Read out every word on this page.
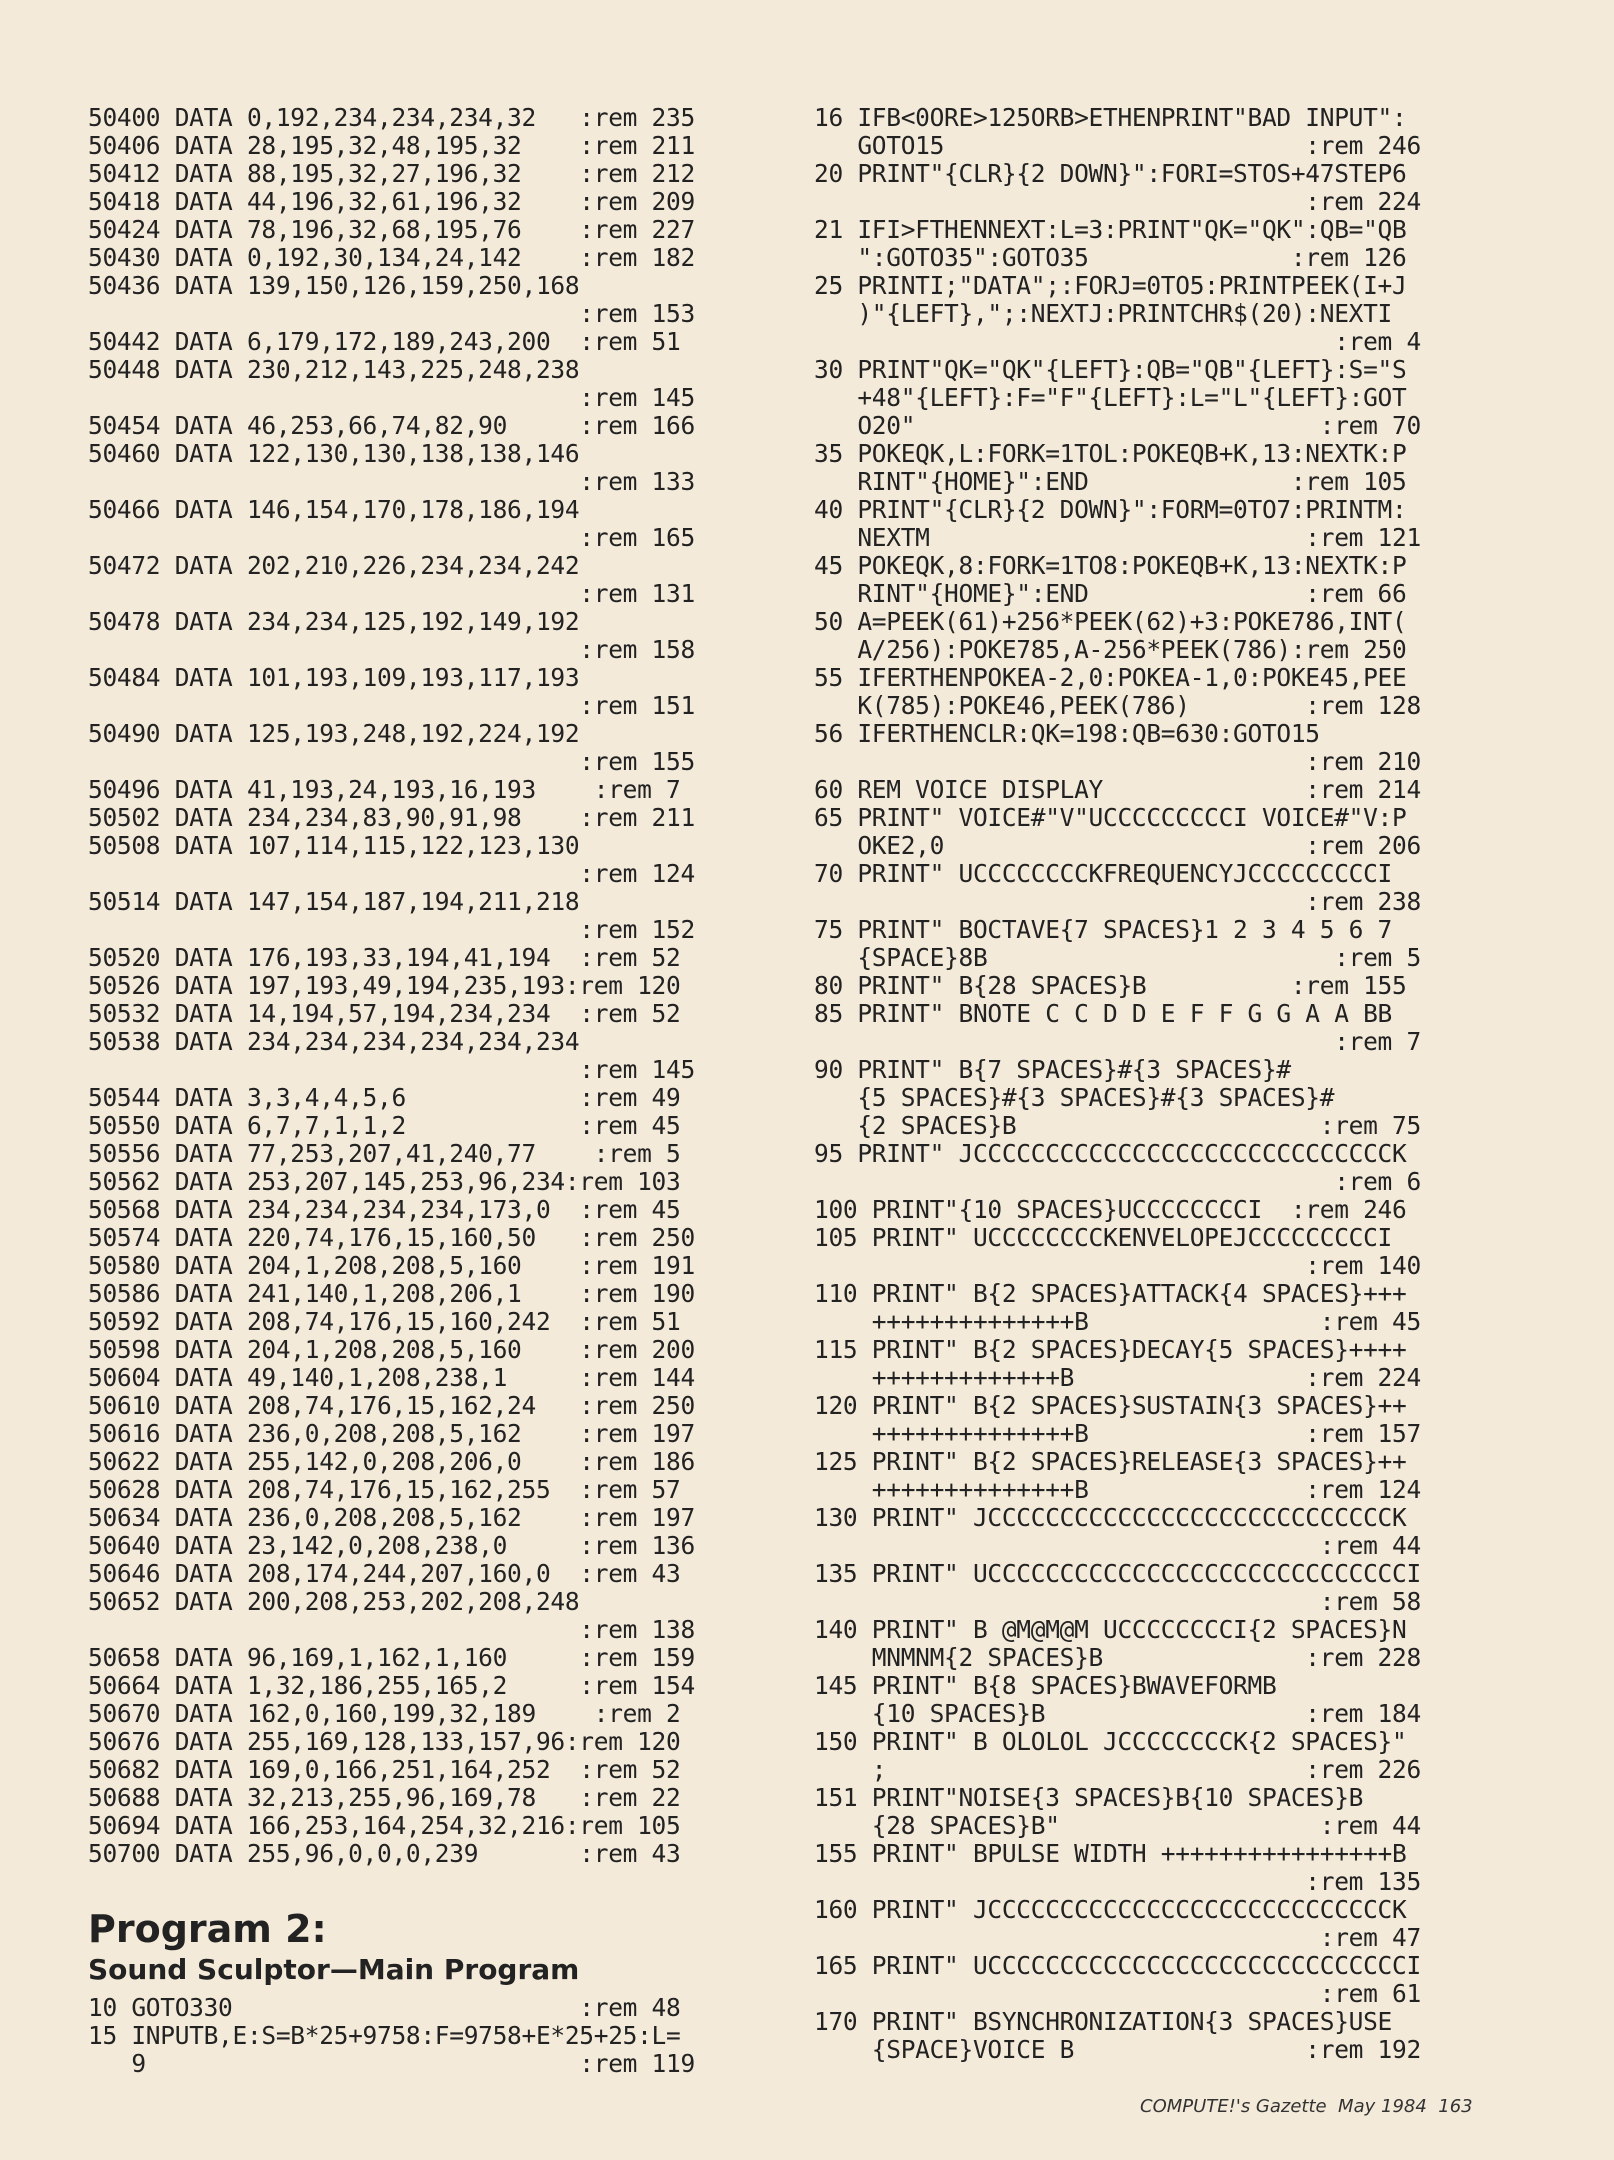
50400 DATA 0,192,234,234,234,32   :rem 235
50406 DATA 28,195,32,48,195,32    :rem 211
50412 DATA 88,195,32,27,196,32    :rem 212
50418 DATA 44,196,32,61,196,32    :rem 209
50424 DATA 78,196,32,68,195,76    :rem 227
50430 DATA 0,192,30,134,24,142    :rem 182
50436 DATA 139,150,126,159,250,168
:rem 153
50442 DATA 6,179,172,189,243,200  :rem 51
50448 DATA 230,212,143,225,248,238
:rem 145
50454 DATA 46,253,66,74,82,90     :rem 166
50460 DATA 122,130,130,138,138,146
:rem 133
50466 DATA 146,154,170,178,186,194
:rem 165
50472 DATA 202,210,226,234,234,242
:rem 131
50478 DATA 234,234,125,192,149,192
:rem 158
50484 DATA 101,193,109,193,117,193
:rem 151
50490 DATA 125,193,248,192,224,192
:rem 155
50496 DATA 41,193,24,193,16,193    :rem 7
50502 DATA 234,234,83,90,91,98    :rem 211
50508 DATA 107,114,115,122,123,130
:rem 124
50514 DATA 147,154,187,194,211,218
:rem 152
50520 DATA 176,193,33,194,41,194  :rem 52
50526 DATA 197,193,49,194,235,193:rem 120
50532 DATA 14,194,57,194,234,234  :rem 52
50538 DATA 234,234,234,234,234,234
:rem 145
50544 DATA 3,3,4,4,5,6            :rem 49
50550 DATA 6,7,7,1,1,2            :rem 45
50556 DATA 77,253,207,41,240,77    :rem 5
50562 DATA 253,207,145,253,96,234:rem 103
50568 DATA 234,234,234,234,173,0  :rem 45
50574 DATA 220,74,176,15,160,50   :rem 250
50580 DATA 204,1,208,208,5,160    :rem 191
50586 DATA 241,140,1,208,206,1    :rem 190
50592 DATA 208,74,176,15,160,242  :rem 51
50598 DATA 204,1,208,208,5,160    :rem 200
50604 DATA 49,140,1,208,238,1     :rem 144
50610 DATA 208,74,176,15,162,24   :rem 250
50616 DATA 236,0,208,208,5,162    :rem 197
50622 DATA 255,142,0,208,206,0    :rem 186
50628 DATA 208,74,176,15,162,255  :rem 57
50634 DATA 236,0,208,208,5,162    :rem 197
50640 DATA 23,142,0,208,238,0     :rem 136
50646 DATA 208,174,244,207,160,0  :rem 43
50652 DATA 200,208,253,202,208,248
:rem 138
50658 DATA 96,169,1,162,1,160     :rem 159
50664 DATA 1,32,186,255,165,2     :rem 154
50670 DATA 162,0,160,199,32,189    :rem 2
50676 DATA 255,169,128,133,157,96:rem 120
50682 DATA 169,0,166,251,164,252  :rem 52
50688 DATA 32,213,255,96,169,78   :rem 22
50694 DATA 166,253,164,254,32,216:rem 105
50700 DATA 255,96,0,0,0,239       :rem 43
Program 2:
Sound Sculptor—Main Program
10 GOTO330                        :rem 48
15 INPUTB,E:S=B*25+9758:F=9758+E*25+25:L=
9                              :rem 119
16 IFB<0ORE>125ORB>ETHENPRINT"BAD INPUT":
GOTO15                         :rem 246
20 PRINT"{CLR}{2 DOWN}":FORI=STOS+47STEP6
:rem 224
21 IFI>FTHENNEXT:L=3:PRINT"QK="QK":QB="QB
":GOTO35":GOTO35              :rem 126
25 PRINTI;"DATA";:FORJ=0TO5:PRINTPEEK(I+J
)"{LEFT},";:NEXTJ:PRINTCHR$(20):NEXTI
:rem 4
30 PRINT"QK="QK"{LEFT}:QB="QB"{LEFT}:S="S
+48"{LEFT}:F="F"{LEFT}:L="L"{LEFT}:GOT
O20"                            :rem 70
35 POKEQK,L:FORK=1TOL:POKEQB+K,13:NEXTK:P
RINT"{HOME}":END              :rem 105
40 PRINT"{CLR}{2 DOWN}":FORM=0TO7:PRINTM:
NEXTM                          :rem 121
45 POKEQK,8:FORK=1TO8:POKEQB+K,13:NEXTK:P
RINT"{HOME}":END               :rem 66
50 A=PEEK(61)+256*PEEK(62)+3:POKE786,INT(
A/256):POKE785,A-256*PEEK(786):rem 250
55 IFERTHENPOKEA-2,0:POKEA-1,0:POKE45,PEE
K(785):POKE46,PEEK(786)        :rem 128
56 IFERTHENCLR:QK=198:QB=630:GOTO15
:rem 210
60 REM VOICE DISPLAY              :rem 214
65 PRINT" VOICE#"V"UCCCCCCCCCI VOICE#"V:P
OKE2,0                         :rem 206
70 PRINT" UCCCCCCCCKFREQUENCYJCCCCCCCCCI
:rem 238
75 PRINT" BOCTAVE{7 SPACES}1 2 3 4 5 6 7
{SPACE}8B                        :rem 5
80 PRINT" B{28 SPACES}B          :rem 155
85 PRINT" BNOTE C C D D E F F G G A A BB
:rem 7
90 PRINT" B{7 SPACES}#{3 SPACES}#
{5 SPACES}#{3 SPACES}#{3 SPACES}#
{2 SPACES}B                     :rem 75
95 PRINT" JCCCCCCCCCCCCCCCCCCCCCCCCCCCCCK
:rem 6
100 PRINT"{10 SPACES}UCCCCCCCCI  :rem 246
105 PRINT" UCCCCCCCCKENVELOPEJCCCCCCCCCI
:rem 140
110 PRINT" B{2 SPACES}ATTACK{4 SPACES}+++
++++++++++++++B                :rem 45
115 PRINT" B{2 SPACES}DECAY{5 SPACES}++++
+++++++++++++B                :rem 224
120 PRINT" B{2 SPACES}SUSTAIN{3 SPACES}++
++++++++++++++B               :rem 157
125 PRINT" B{2 SPACES}RELEASE{3 SPACES}++
++++++++++++++B               :rem 124
130 PRINT" JCCCCCCCCCCCCCCCCCCCCCCCCCCCCK
:rem 44
135 PRINT" UCCCCCCCCCCCCCCCCCCCCCCCCCCCCCI
:rem 58
140 PRINT" B @M@M@M UCCCCCCCCI{2 SPACES}N
MNMNM{2 SPACES}B              :rem 228
145 PRINT" B{8 SPACES}BWAVEFORMB
{10 SPACES}B                  :rem 184
150 PRINT" B OLOLOL JCCCCCCCCK{2 SPACES}"
;                             :rem 226
151 PRINT"NOISE{3 SPACES}B{10 SPACES}B
{28 SPACES}B"                  :rem 44
155 PRINT" BPULSE WIDTH ++++++++++++++++B
:rem 135
160 PRINT" JCCCCCCCCCCCCCCCCCCCCCCCCCCCCK
:rem 47
165 PRINT" UCCCCCCCCCCCCCCCCCCCCCCCCCCCCCI
:rem 61
170 PRINT" BSYNCHRONIZATION{3 SPACES}USE
{SPACE}VOICE B                :rem 192
COMPUTE!'s Gazette  May 1984  163
